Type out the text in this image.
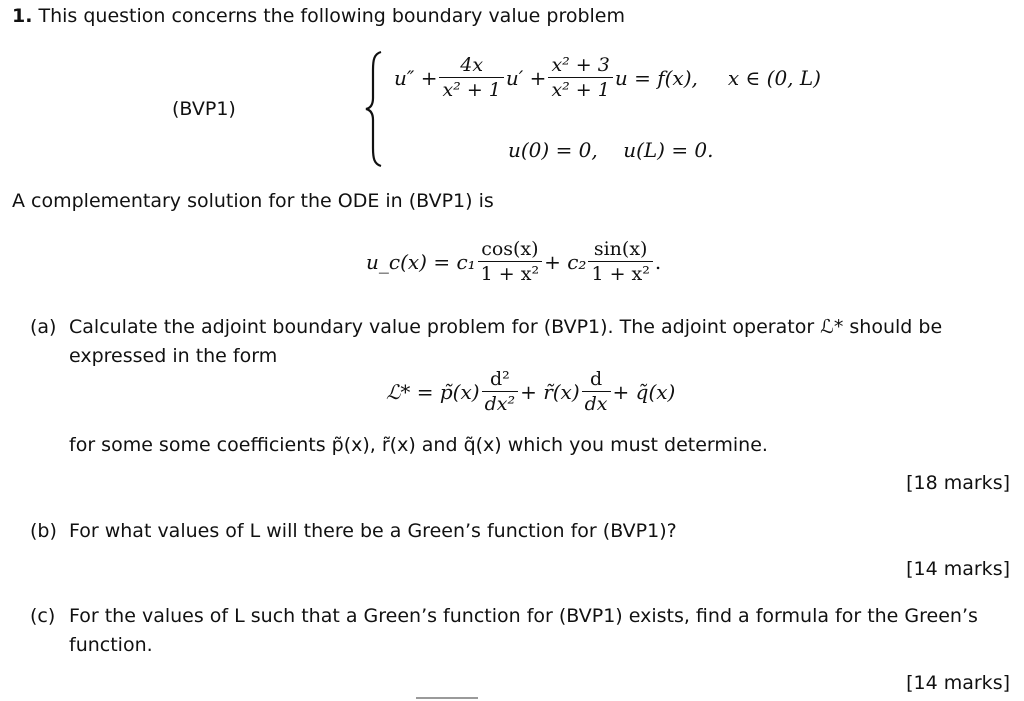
1. This question concerns the following boundary value problem
(BVP1)
$u'' + \frac{4x}{\text{x² + 1}} u' + \frac{\text{x² + 3}}{\text{x² + 1}}$ u = f(x), x ∈ (0, L)
u(0) = 0,    u(L) = 0.
A complementary solution for the ODE in (BVP1) is
u_c(x) = $c_1 \frac{\cos(x)}{\text{1 + x²}} + c_2 \frac{\sin(x)}{\text{1 + x²}}$ .
(a) Calculate the adjoint boundary value problem for (BVP1). The adjoint operator ℒ* should be
expressed in the form
ℒ* = p̃(x) $\frac{\text{d²}}{\text{dx²}}$ + r̃(x) $\frac{d}{dx}$ + q̃(x)
for some some coefficients p̃(x), r̃(x) and q̃(x) which you must determine.
[18 marks]
(b) For what values of L will there be a Green’s function for (BVP1)?
[14 marks]
(c) For the values of L such that a Green’s function for (BVP1) exists, find a formula for the Green’s
function.
[14 marks]
